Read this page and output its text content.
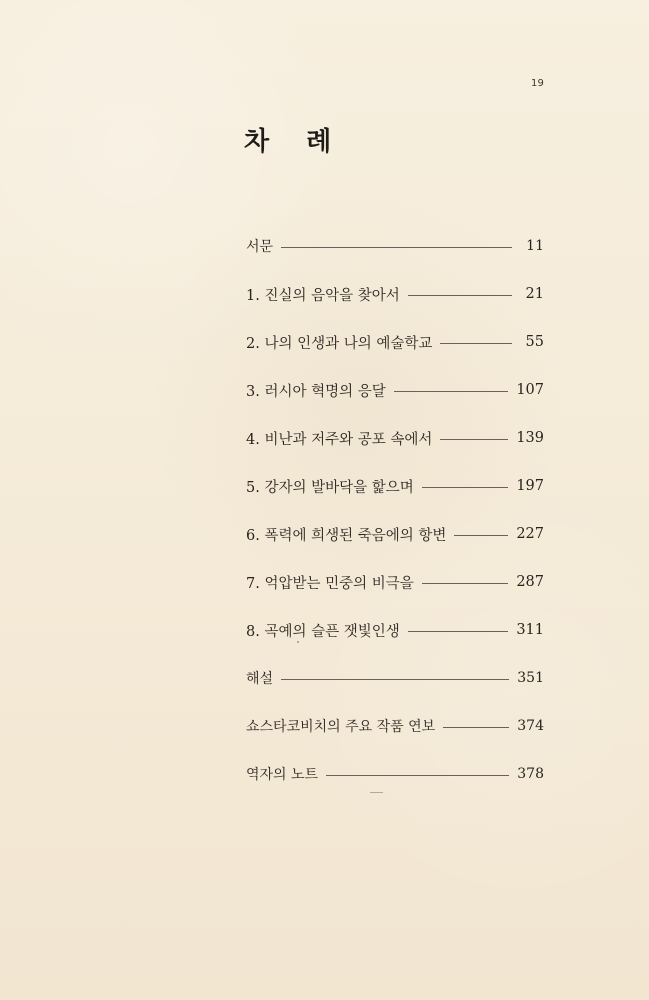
19
차 례
서문	11
1. 진실의 음악을 찾아서	21
2. 나의 인생과 나의 예술학교	55
3. 러시아 혁명의 응달	107
4. 비난과 저주와 공포 속에서	139
5. 강자의 발바닥을 핥으며	197
6. 폭력에 희생된 죽음에의 항변	227
7. 억압받는 민중의 비극을	287
8. 곡예의 슬픈 잿빛인생	311
해설	351
쇼스타코비치의 주요 작품 연보	374
역자의 노트	378
